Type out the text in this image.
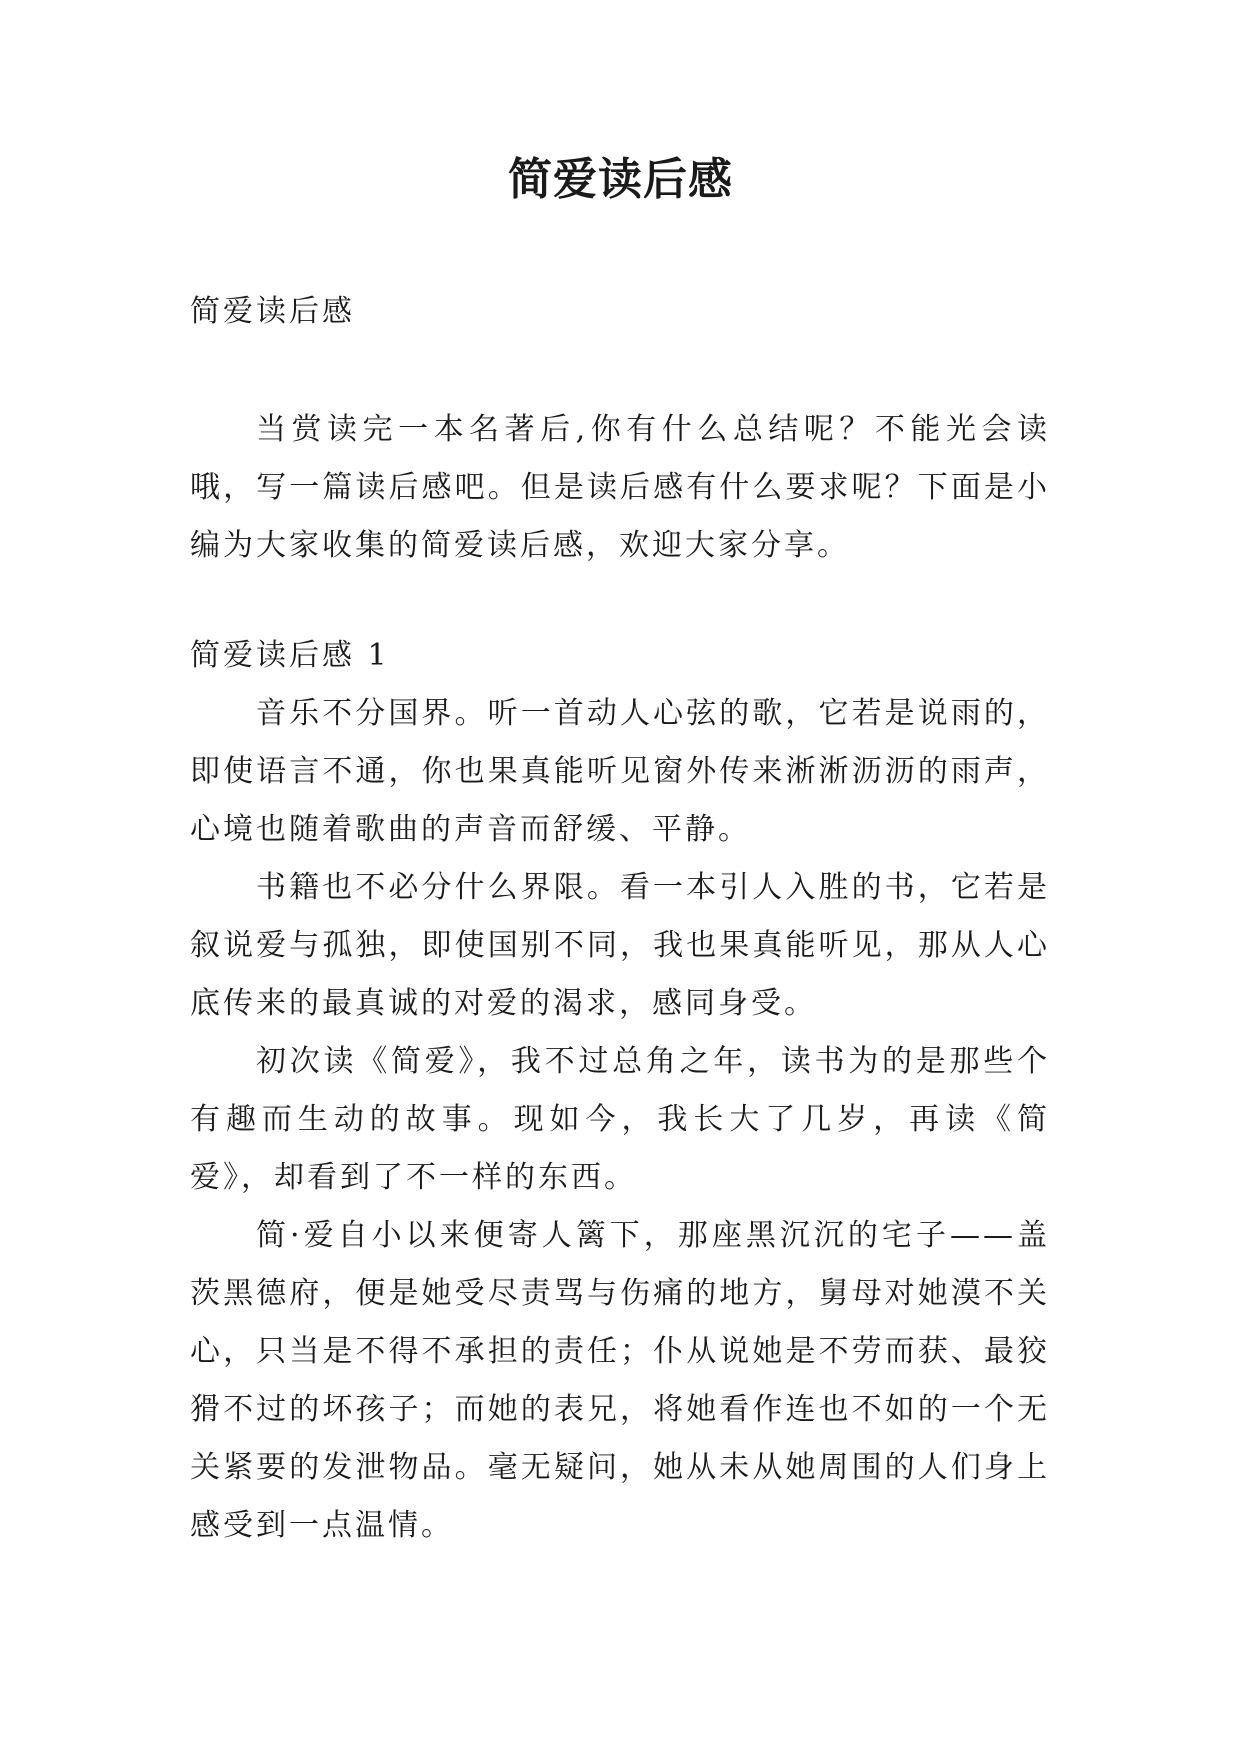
简爱读后感
简爱读后感

当赏读完一本名著后,你有什么总结呢？不能光会读哦，写一篇读后感吧。但是读后感有什么要求呢？下面是小编为大家收集的简爱读后感，欢迎大家分享。

简爱读后感 1

音乐不分国界。听一首动人心弦的歌，它若是说雨的，即使语言不通，你也果真能听见窗外传来淅淅沥沥的雨声，心境也随着歌曲的声音而舒缓、平静。

书籍也不必分什么界限。看一本引人入胜的书，它若是叙说爱与孤独，即使国别不同，我也果真能听见，那从人心底传来的最真诚的对爱的渴求，感同身受。

初次读《简爱》，我不过总角之年，读书为的是那些个有趣而生动的故事。现如今，我长大了几岁，再读《简爱》，却看到了不一样的东西。

简·爱自小以来便寄人篱下，那座黑沉沉的宅子——盖茨黑德府，便是她受尽责骂与伤痛的地方，舅母对她漠不关心，只当是不得不承担的责任；仆从说她是不劳而获、最狡猾不过的坏孩子；而她的表兄，将她看作连也不如的一个无关紧要的发泄物品。毫无疑问，她从未从她周围的人们身上感受到一点温情。
